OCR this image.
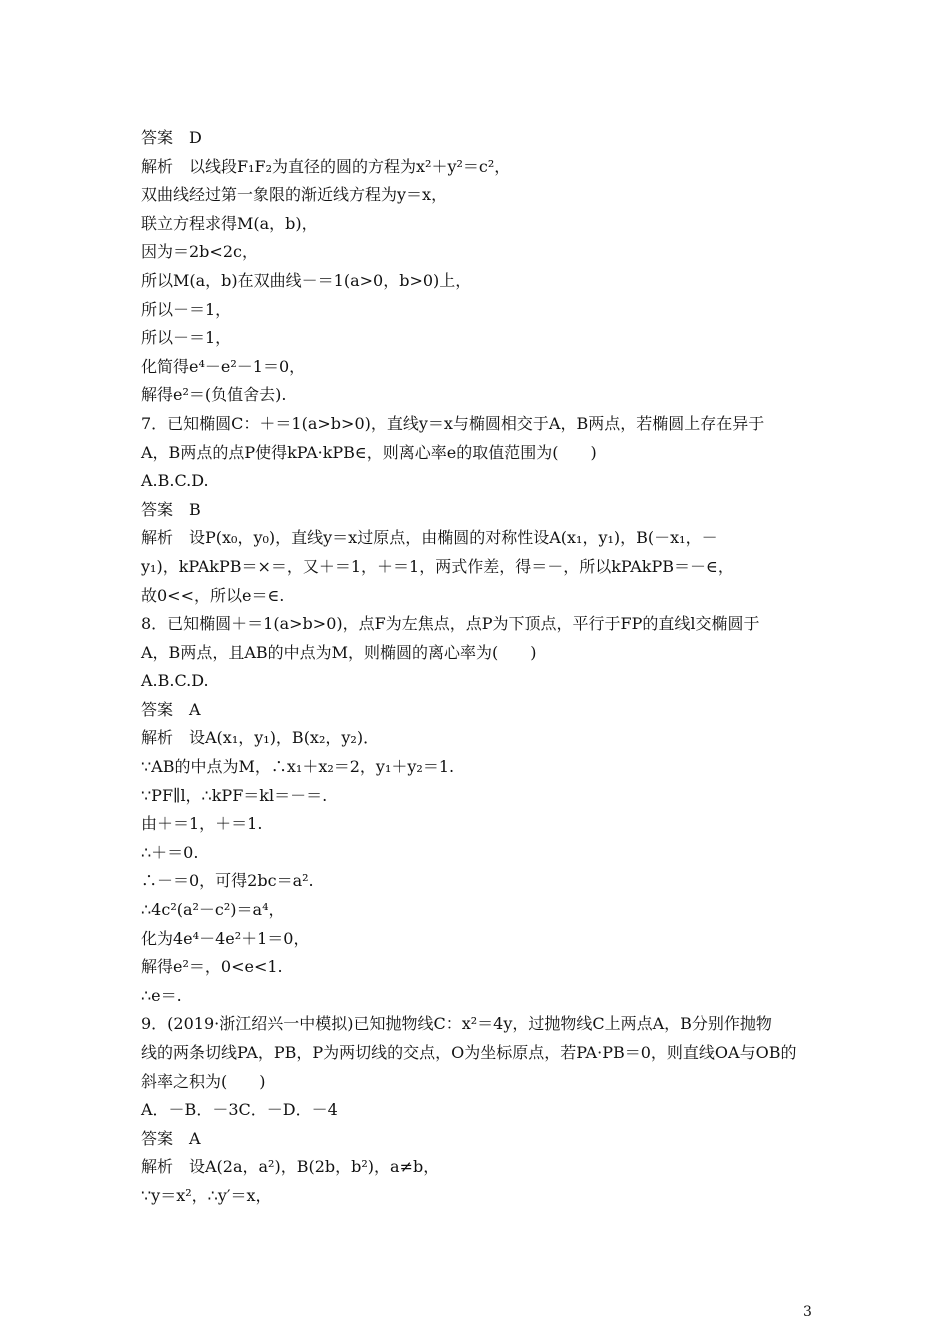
答案　D
解析　以线段F₁F₂为直径的圆的方程为x²＋y²＝c²，
双曲线经过第一象限的渐近线方程为y＝x，
联立方程求得M(a，b)，
因为＝2b<2c，
所以M(a，b)在双曲线－＝1(a>0，b>0)上，
所以－＝1，
所以－＝1，
化简得e⁴－e²－1＝0，
解得e²＝(负值舍去).
7．已知椭圆C：＋＝1(a>b>0)，直线y＝x与椭圆相交于A，B两点，若椭圆上存在异于
A，B两点的点P使得kPA·kPB∈，则离心率e的取值范围为(　　)
A.B.C.D.
答案　B
解析　设P(x₀，y₀)，直线y＝x过原点，由椭圆的对称性设A(x₁，y₁)，B(－x₁，－
y₁)，kPAkPB＝×＝，又＋＝1，＋＝1，两式作差，得＝－，所以kPAkPB＝－∈，
故0<<，所以e＝∈.
8．已知椭圆＋＝1(a>b>0)，点F为左焦点，点P为下顶点，平行于FP的直线l交椭圆于
A，B两点，且AB的中点为M，则椭圆的离心率为(　　)
A.B.C.D.
答案　A
解析　设A(x₁，y₁)，B(x₂，y₂)．
∵AB的中点为M，∴x₁＋x₂＝2，y₁＋y₂＝1.
∵PF∥l，∴kPF＝kl＝－＝.
由＋＝1，＋＝1.
∴＋＝0.
∴－＝0，可得2bc＝a².
∴4c²(a²－c²)＝a⁴，
化为4e⁴－4e²＋1＝0，
解得e²＝，0<e<1.
∴e＝.
9．(2019·浙江绍兴一中模拟)已知抛物线C：x²＝4y，过抛物线C上两点A，B分别作抛物
线的两条切线PA，PB，P为两切线的交点，O为坐标原点，若PA·PB＝0，则直线OA与OB的
斜率之积为(　　)
A．－B．－3C．－D．－4
答案　A
解析　设A(2a，a²)，B(2b，b²)，a≠b，
∵y＝x²，∴y′＝x，
3
